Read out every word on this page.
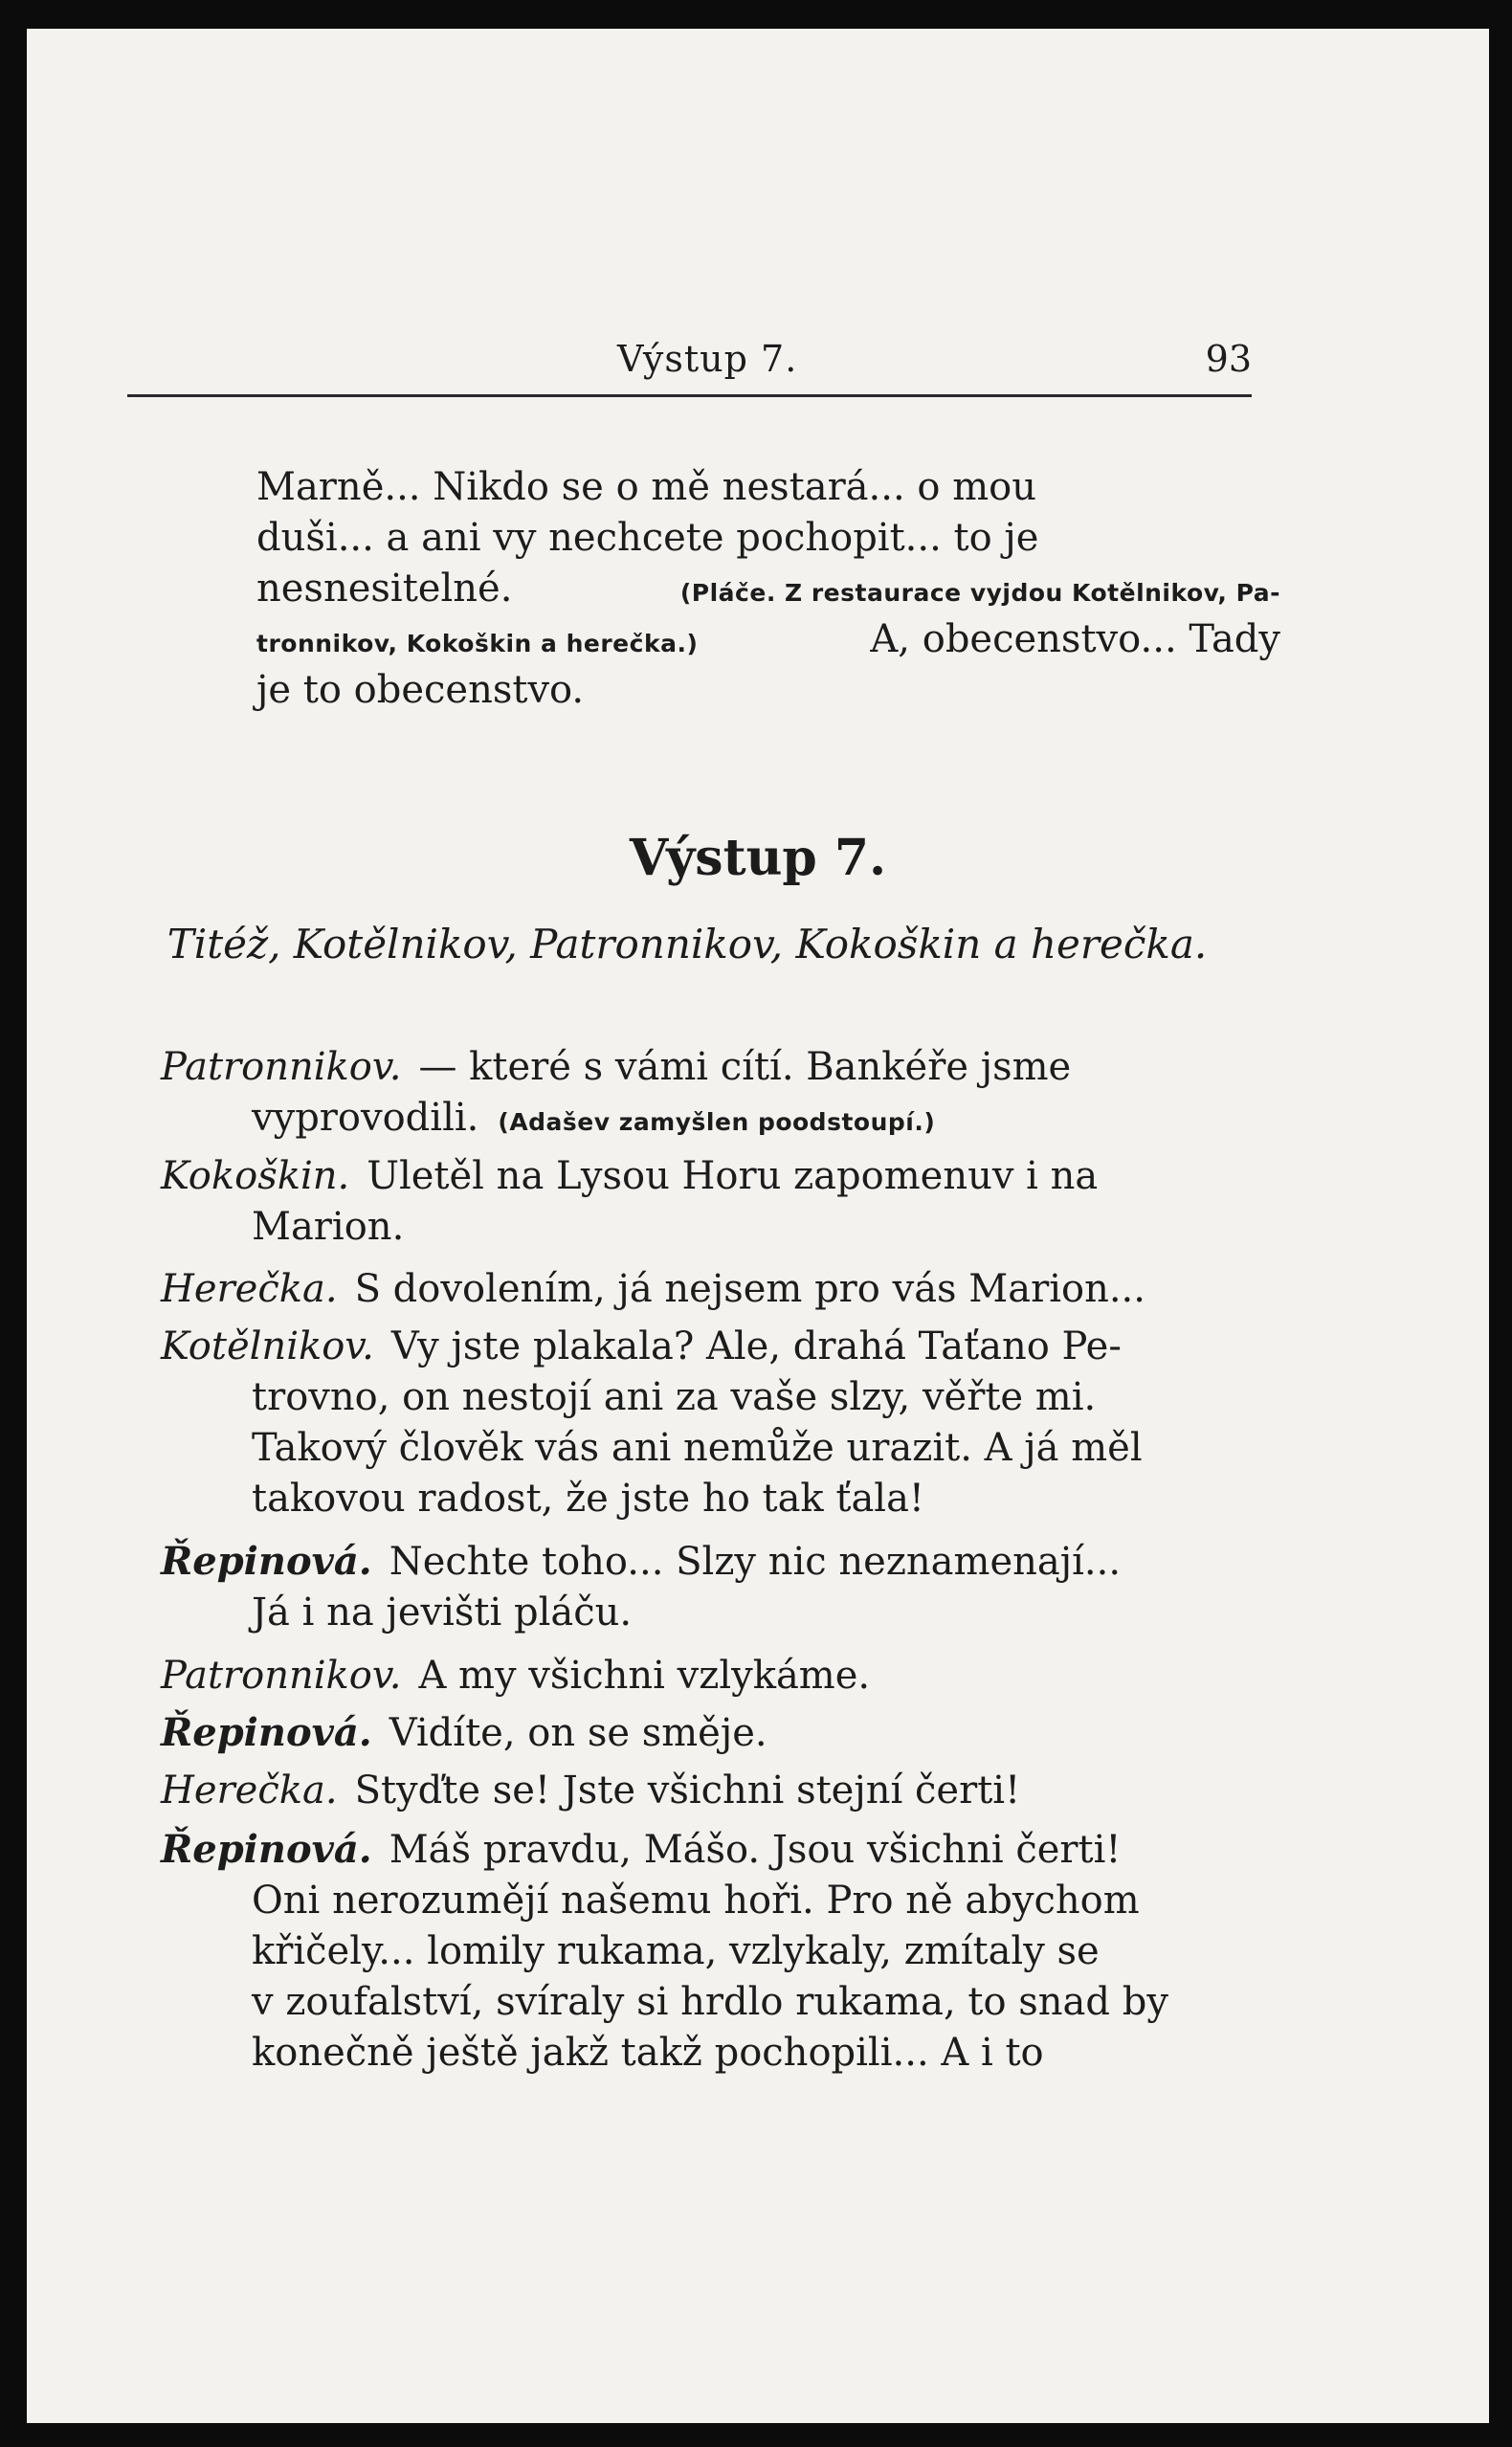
Výstup 7.	93
Marně... Nikdo se o mě nestará... o mou
duši... a ani vy nechcete pochopit... to je
nesnesitelné.	(Pláče. Z restaurace vyjdou Kotělnikov, Pa-
tronnikov, Kokoškin a herečka.)	A, obecenstvo... Tady
je to obecenstvo.
Výstup 7.
Titéž, Kotělnikov, Patronnikov, Kokoškin a herečka.
Patronnikov. — které s vámi cítí. Bankéře jsme
vyprovodili. (Adašev zamyšlen poodstoupí.)
Kokoškin. Uletěl na Lysou Horu zapomenuv i na
Marion.
Herečka. S dovolením, já nejsem pro vás Marion...
Kotělnikov. Vy jste plakala? Ale, drahá Taťano Pe-
trovno, on nestojí ani za vaše slzy, věřte mi.
Takový člověk vás ani nemůže urazit. A já měl
takovou radost, že jste ho tak ťala!
Řepinová. Nechte toho... Slzy nic neznamenají...
Já i na jevišti pláču.
Patronnikov. A my všichni vzlykáme.
Řepinová. Vidíte, on se směje.
Herečka. Styďte se! Jste všichni stejní čerti!
Řepinová. Máš pravdu, Mášo. Jsou všichni čerti!
Oni nerozumějí našemu hoři. Pro ně abychom
křičely... lomily rukama, vzlykaly, zmítaly se
v zoufalství, svíraly si hrdlo rukama, to snad by
konečně ještě jakž takž pochopili... A i to
